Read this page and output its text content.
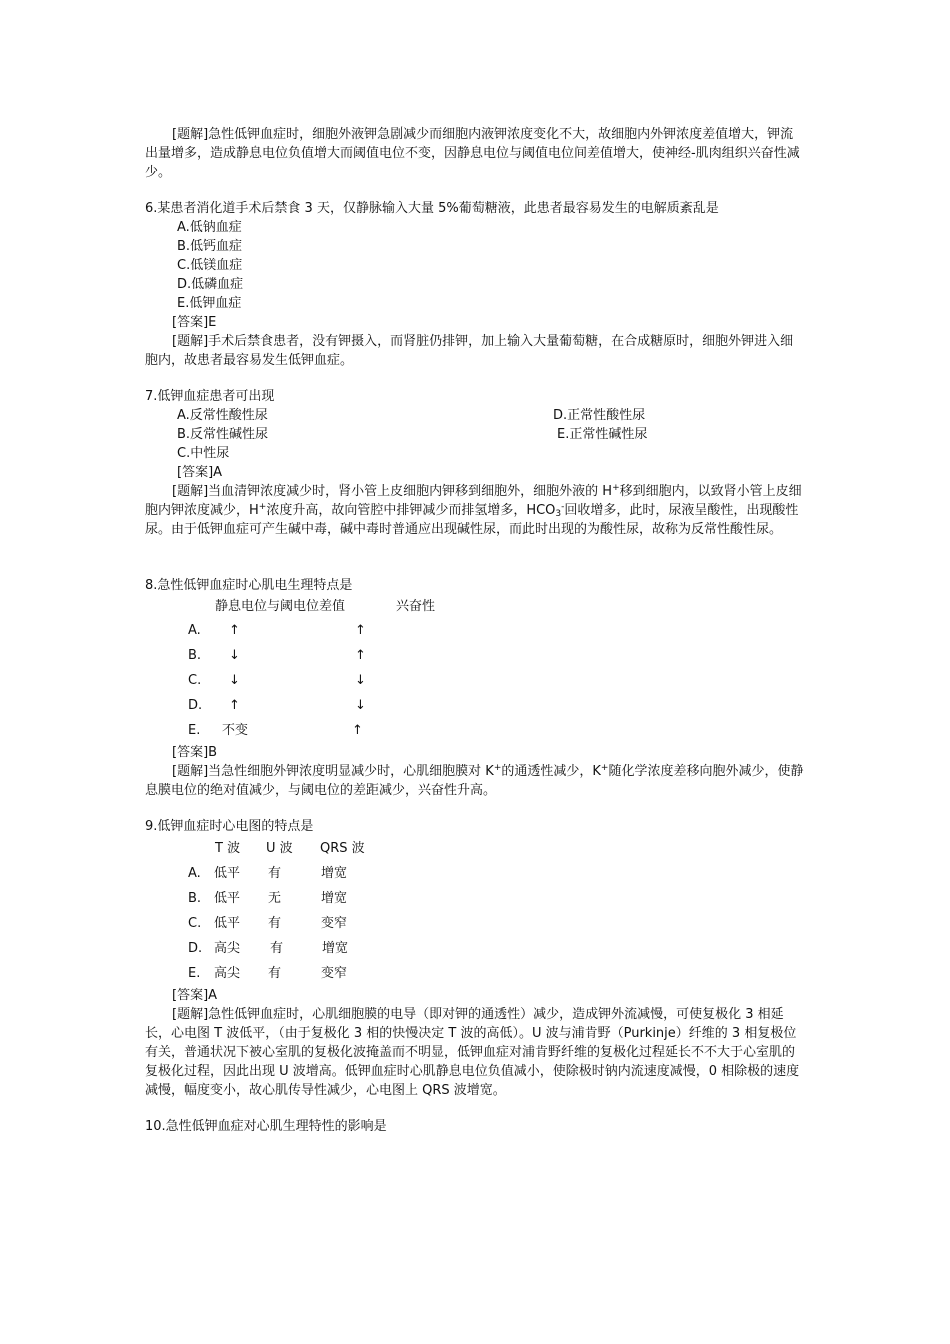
[题解]急性低钾血症时，细胞外液钾急剧减少而细胞内液钾浓度变化不大，故细胞内外钾浓度差值增大，钾流出量增多，造成静息电位负值增大而阈值电位不变，因静息电位与阈值电位间差值增大，使神经-肌肉组织兴奋性减少。
6.某患者消化道手术后禁食 3 天，仅静脉输入大量 5%葡萄糖液，此患者最容易发生的电解质紊乱是
A.低钠血症
B.低钙血症
C.低镁血症
D.低磷血症
E.低钾血症
[答案]E
[题解]手术后禁食患者，没有钾摄入，而肾脏仍排钾，加上输入大量葡萄糖，在合成糖原时，细胞外钾进入细胞内，故患者最容易发生低钾血症。
7.低钾血症患者可出现
A.反常性酸性尿	D.正常性酸性尿
B.反常性碱性尿	E.正常性碱性尿
C.中性尿
[答案]A
[题解]当血清钾浓度减少时，肾小管上皮细胞内钾移到细胞外，细胞外液的 H+移到细胞内，以致肾小管上皮细胞内钾浓度减少，H+浓度升高，故向管腔中排钾减少而排氢增多，$HCO_3^-$回收增多，此时，尿液呈酸性，出现酸性尿。由于低钾血症可产生碱中毒，碱中毒时普通应出现碱性尿，而此时出现的为酸性尿，故称为反常性酸性尿。
8.急性低钾血症时心肌电生理特点是
静息电位与阈电位差值	兴奋性
A. ↑	↑
B. ↓	↑
C. ↓	↓
D. ↑	↓
E. 不变	↑
[答案]B
[题解]当急性细胞外钾浓度明显减少时，心肌细胞膜对 K+的通透性减少，K+随化学浓度差移向胞外减少，使静息膜电位的绝对值减少，与阈电位的差距减少，兴奋性升高。
9.低钾血症时心电图的特点是
T 波 U 波 QRS 波
A. 低平 有	增宽
B. 低平 无	增宽
C. 低平 有	变窄
D. 高尖 有	增宽
E. 高尖 有	变窄
[答案]A
[题解]急性低钾血症时，心肌细胞膜的电导（即对钾的通透性）减少，造成钾外流减慢，可使复极化 3 相延长，心电图 T 波低平，（由于复极化 3 相的快慢决定 T 波的高低）。U 波与浦肯野（Purkinje）纤维的 3 相复极位有关，普通状况下被心室肌的复极化波掩盖而不明显，低钾血症对浦肯野纤维的复极化过程延长不不大于心室肌的复极化过程，因此出现 U 波增高。低钾血症时心肌静息电位负值减小，使除极时钠内流速度减慢，0 相除极的速度减慢，幅度变小，故心肌传导性减少，心电图上 QRS 波增宽。
10.急性低钾血症对心肌生理特性的影响是
